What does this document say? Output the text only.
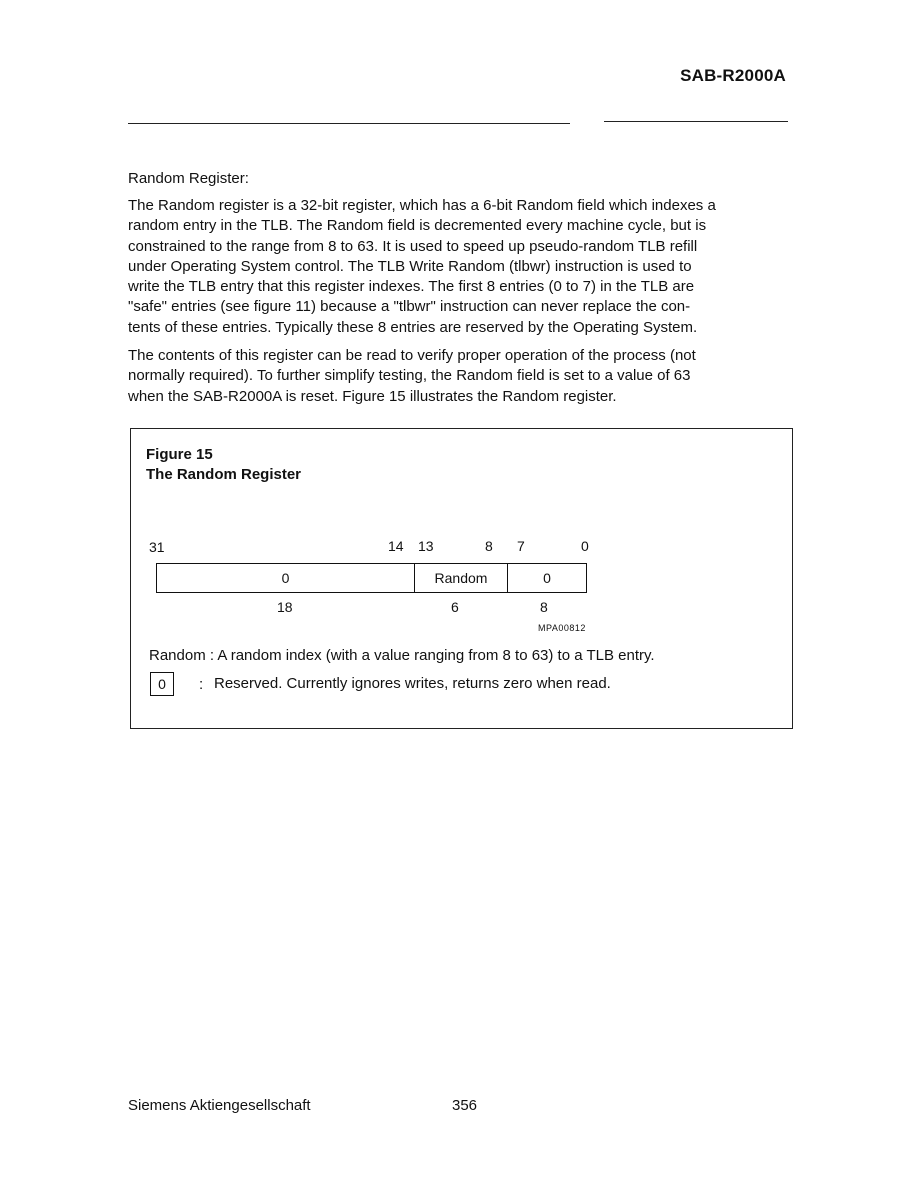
SAB-R2000A
Random Register:
The Random register is a 32-bit register, which has a 6-bit Random field which indexes a
random entry in the TLB. The Random field is decremented every machine cycle, but is
constrained to the range from 8 to 63. It is used to speed up pseudo-random TLB refill
under Operating System control. The TLB Write Random (tlbwr) instruction is used to
write the TLB entry that this register indexes. The first 8 entries (0 to 7) in the TLB are
"safe" entries (see figure 11) because a "tlbwr" instruction can never replace the con-
tents of these entries. Typically these 8 entries are reserved by the Operating System.
The contents of this register can be read to verify proper operation of the process (not
normally required). To further simplify testing, the Random field is set to a value of 63
when the SAB-R2000A is reset. Figure 15 illustrates the Random register.
Figure 15
The Random Register
31	14 13	8 7	0
0	Random	0
18	6	8
MPA00812
Random : A random index (with a value ranging from 8 to 63) to a TLB entry.
0	: Reserved. Currently ignores writes, returns zero when read.
Siemens Aktiengesellschaft	356
